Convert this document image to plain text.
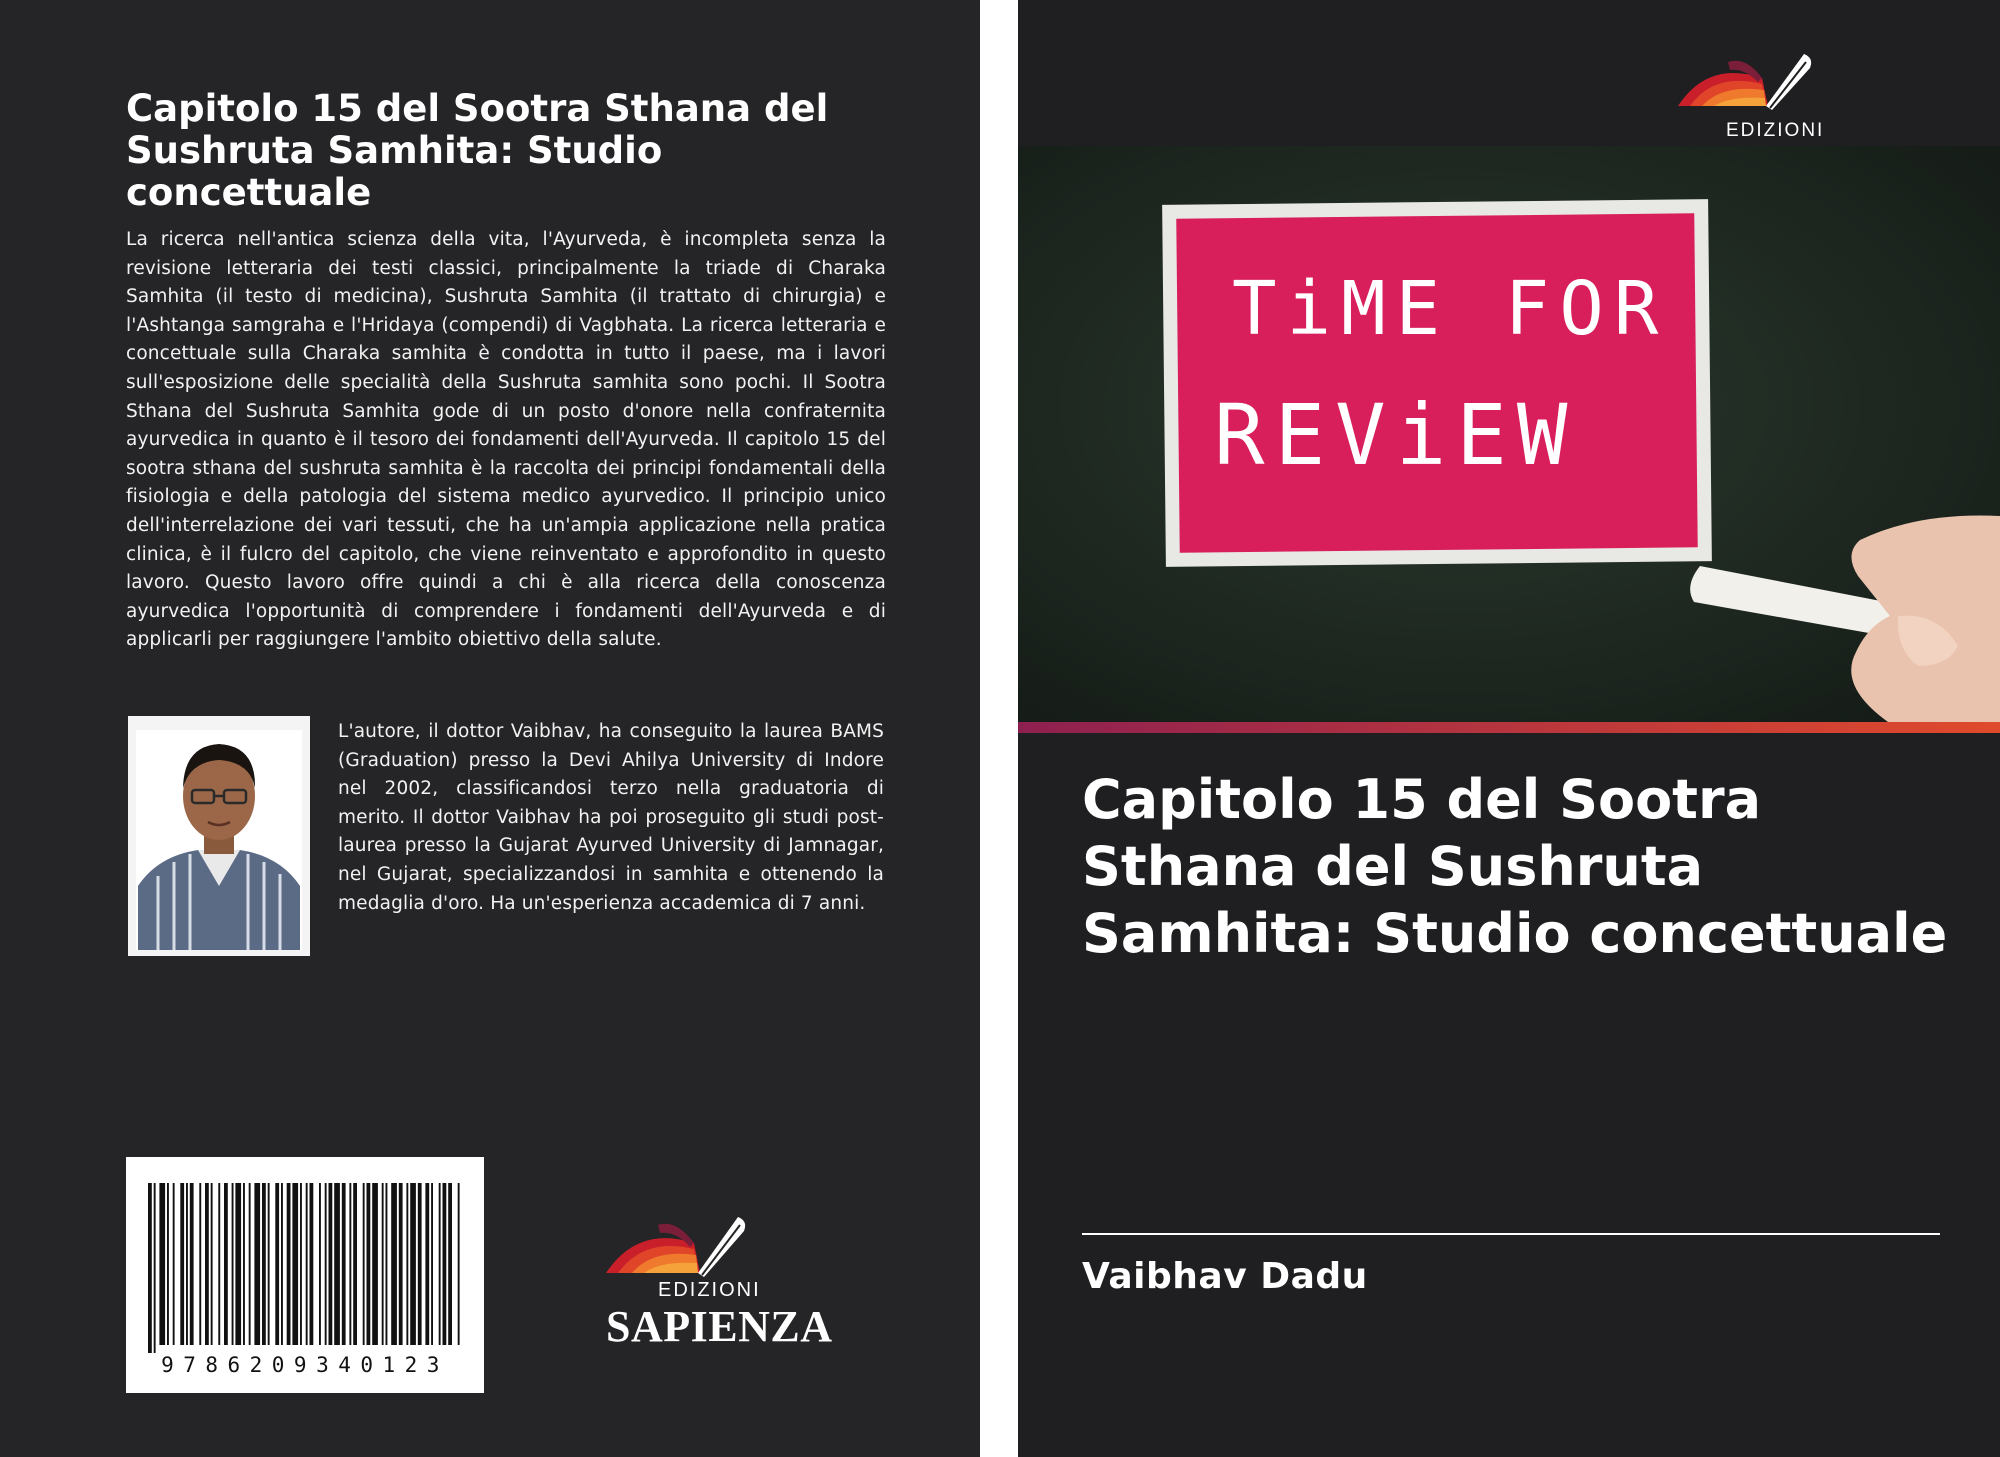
Capitolo 15 del Sootra Sthana del Sushruta Samhita: Studio concettuale

La ricerca nell'antica scienza della vita, l'Ayurveda, è incompleta senza la revisione letteraria dei testi classici, principalmente la triade di Charaka Samhita (il testo di medicina), Sushruta Samhita (il trattato di chirurgia) e l'Ashtanga samgraha e l'Hridaya (compendi) di Vagbhata. La ricerca letteraria e concettuale sulla Charaka samhita è condotta in tutto il paese, ma i lavori sull'esposizione delle specialità della Sushruta samhita sono pochi. Il Sootra Sthana del Sushruta Samhita gode di un posto d'onore nella confraternita ayurvedica in quanto è il tesoro dei fondamenti dell'Ayurveda. Il capitolo 15 del sootra sthana del sushruta samhita è la raccolta dei principi fondamentali della fisiologia e della patologia del sistema medico ayurvedico. Il principio unico dell'interrelazione dei vari tessuti, che ha un'ampia applicazione nella pratica clinica, è il fulcro del capitolo, che viene reinventato e approfondito in questo lavoro. Questo lavoro offre quindi a chi è alla ricerca della conoscenza ayurvedica l'opportunità di comprendere i fondamenti dell'Ayurveda e di applicarli per raggiungere l'ambito obiettivo della salute.

L'autore, il dottor Vaibhav, ha conseguito la laurea BAMS (Graduation) presso la Devi Ahilya University di Indore nel 2002, classificandosi terzo nella graduatoria di merito. Il dottor Vaibhav ha poi proseguito gli studi post-laurea presso la Gujarat Ayurved University di Jamnagar, nel Gujarat, specializzandosi in samhita e ottenendo la medaglia d'oro. Ha un'esperienza accademica di 7 anni.

9786209340123
EDIZIONI
SAPIENZA
EDIZIONI
TiME FOR
REViEW
Capitolo 15 del Sootra Sthana del Sushruta Samhita: Studio concettuale
Vaibhav Dadu
